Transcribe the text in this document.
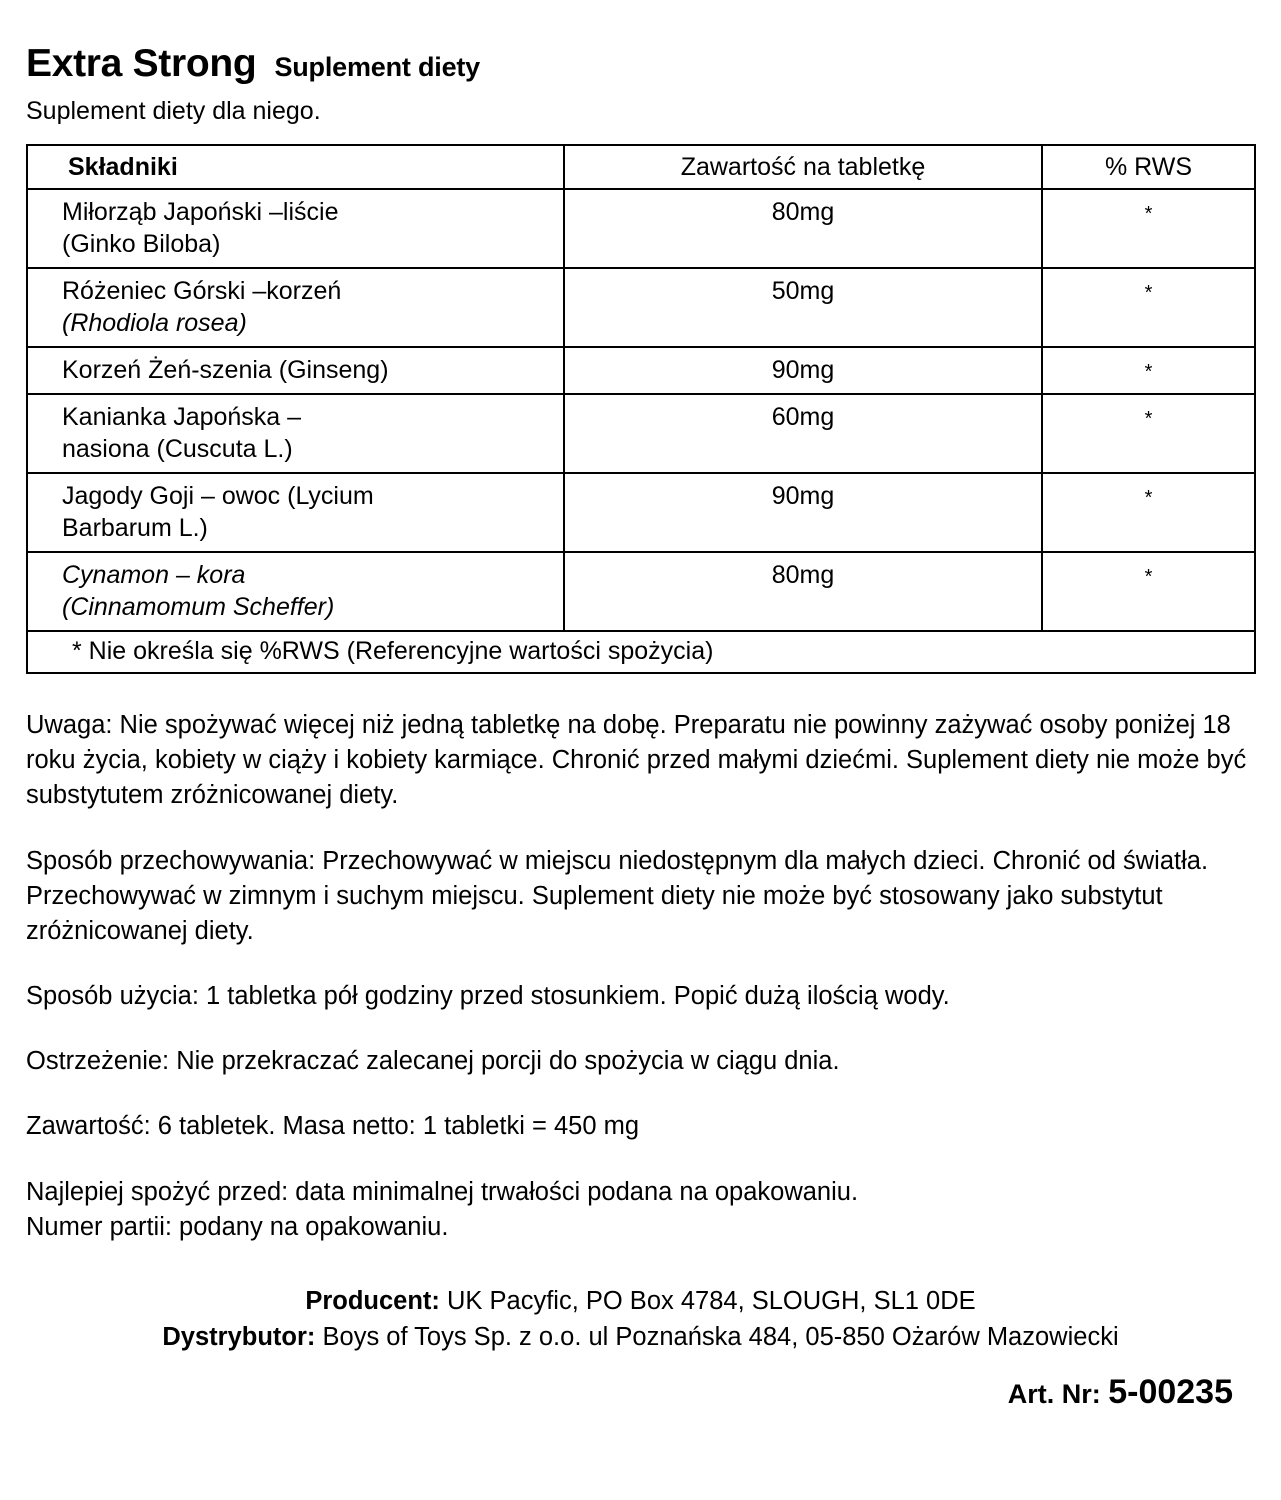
Extra Strong Suplement diety
Suplement diety dla niego.
Składniki	Zawartość na tabletkę	% RWS

Miłorząb Japoński –liście
(Ginko Biloba)	80mg	*

Różeniec Górski –korzeń
(Rhodiola rosea)	50mg	*

Korzeń Żeń-szenia (Ginseng)	90mg	*

Kanianka Japońska –
nasiona (Cuscuta L.)	60mg	*

Jagody Goji – owoc (Lycium
Barbarum L.)	90mg	*

Cynamon – kora
(Cinnamomum Scheffer)	80mg	*

* Nie określa się %RWS (Referencyjne wartości spożycia)		

Uwaga: Nie spożywać więcej niż jedną tabletkę na dobę. Preparatu nie powinny zażywać osoby poniżej 18 roku życia, kobiety w ciąży i kobiety karmiące. Chronić przed małymi dziećmi. Suplement diety nie może być substytutem zróżnicowanej diety.

Sposób przechowywania: Przechowywać w miejscu niedostępnym dla małych dzieci. Chronić od światła. Przechowywać w zimnym i suchym miejscu. Suplement diety nie może być stosowany jako substytut zróżnicowanej diety.

Sposób użycia: 1 tabletka pół godziny przed stosunkiem. Popić dużą ilością wody.

Ostrzeżenie: Nie przekraczać zalecanej porcji do spożycia w ciągu dnia.

Zawartość: 6 tabletek. Masa netto: 1 tabletki = 450 mg

Najlepiej spożyć przed: data minimalnej trwałości podana na opakowaniu.

Numer partii: podany na opakowaniu.

Producent: UK Pacyfic, PO Box 4784, SLOUGH, SL1 0DE
Dystrybutor: Boys of Toys Sp. z o.o. ul Poznańska 484, 05-850 Ożarów Mazowiecki
Art. Nr: 5-00235
